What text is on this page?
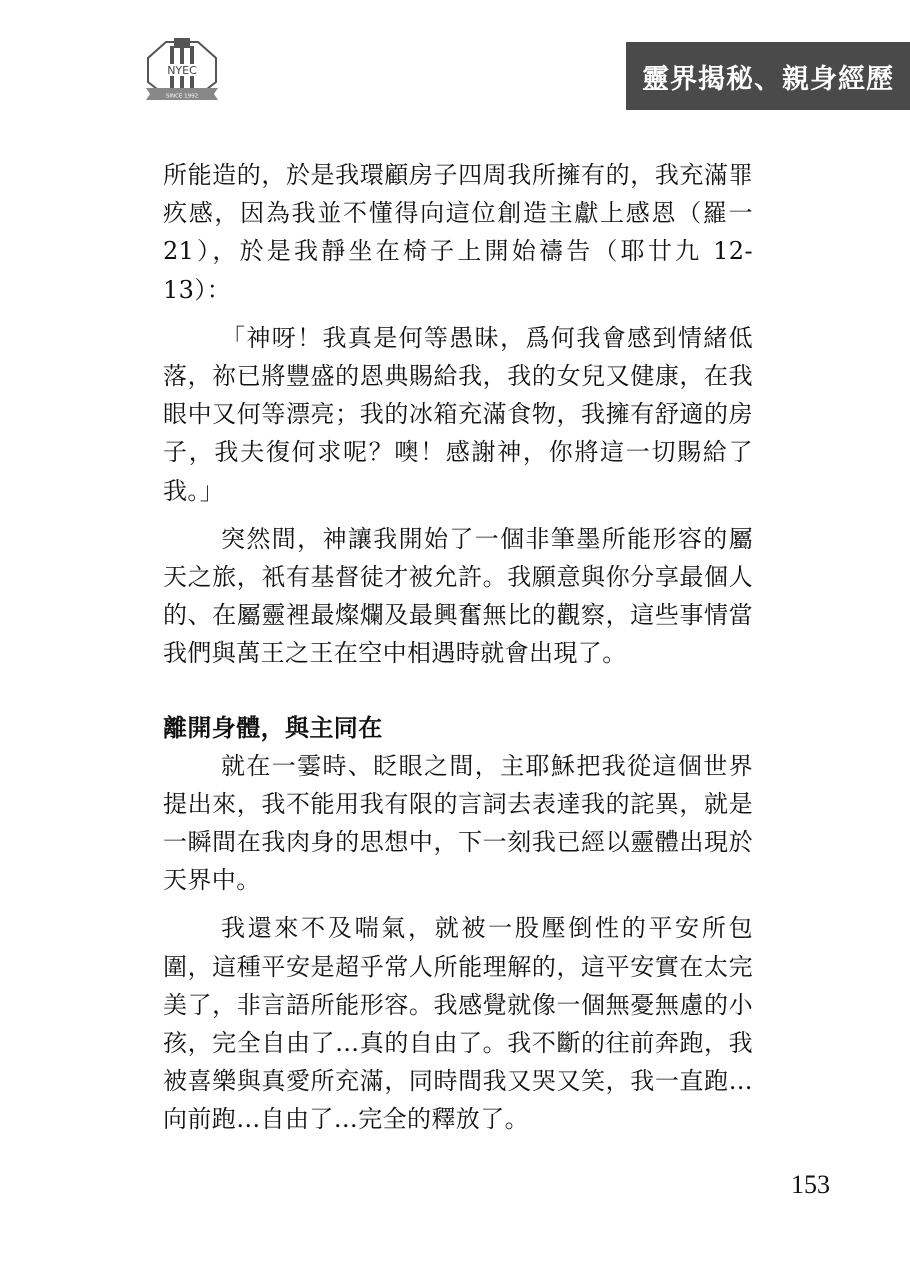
NYEC
SINCE 1992
靈界揭秘、親身經歷

所能造的，於是我環顧房子四周我所擁有的，我充滿罪疚感，因為我並不懂得向這位創造主獻上感恩（羅一 21），於是我靜坐在椅子上開始禱告（耶廿九 12-13）：

「神呀！我真是何等愚昧，爲何我會感到情緒低落，祢已將豐盛的恩典賜給我，我的女兒又健康，在我眼中又何等漂亮；我的冰箱充滿食物，我擁有舒適的房子，我夫復何求呢？噢！感謝神，你將這一切賜給了我。」

突然間，神讓我開始了一個非筆墨所能形容的屬天之旅，衹有基督徒才被允許。我願意與你分享最個人的、在屬靈裡最燦爛及最興奮無比的觀察，這些事情當我們與萬王之王在空中相遇時就會出現了。

離開身體，與主同在

就在一霎時、眨眼之間，主耶穌把我從這個世界提出來，我不能用我有限的言詞去表達我的詫異，就是一瞬間在我肉身的思想中，下一刻我已經以靈體出現於天界中。

我還來不及喘氣，就被一股壓倒性的平安所包圍，這種平安是超乎常人所能理解的，這平安實在太完美了，非言語所能形容。我感覺就像一個無憂無慮的小孩，完全自由了…真的自由了。我不斷的往前奔跑，我被喜樂與真愛所充滿，同時間我又哭又笑，我一直跑…向前跑…自由了…完全的釋放了。

153
